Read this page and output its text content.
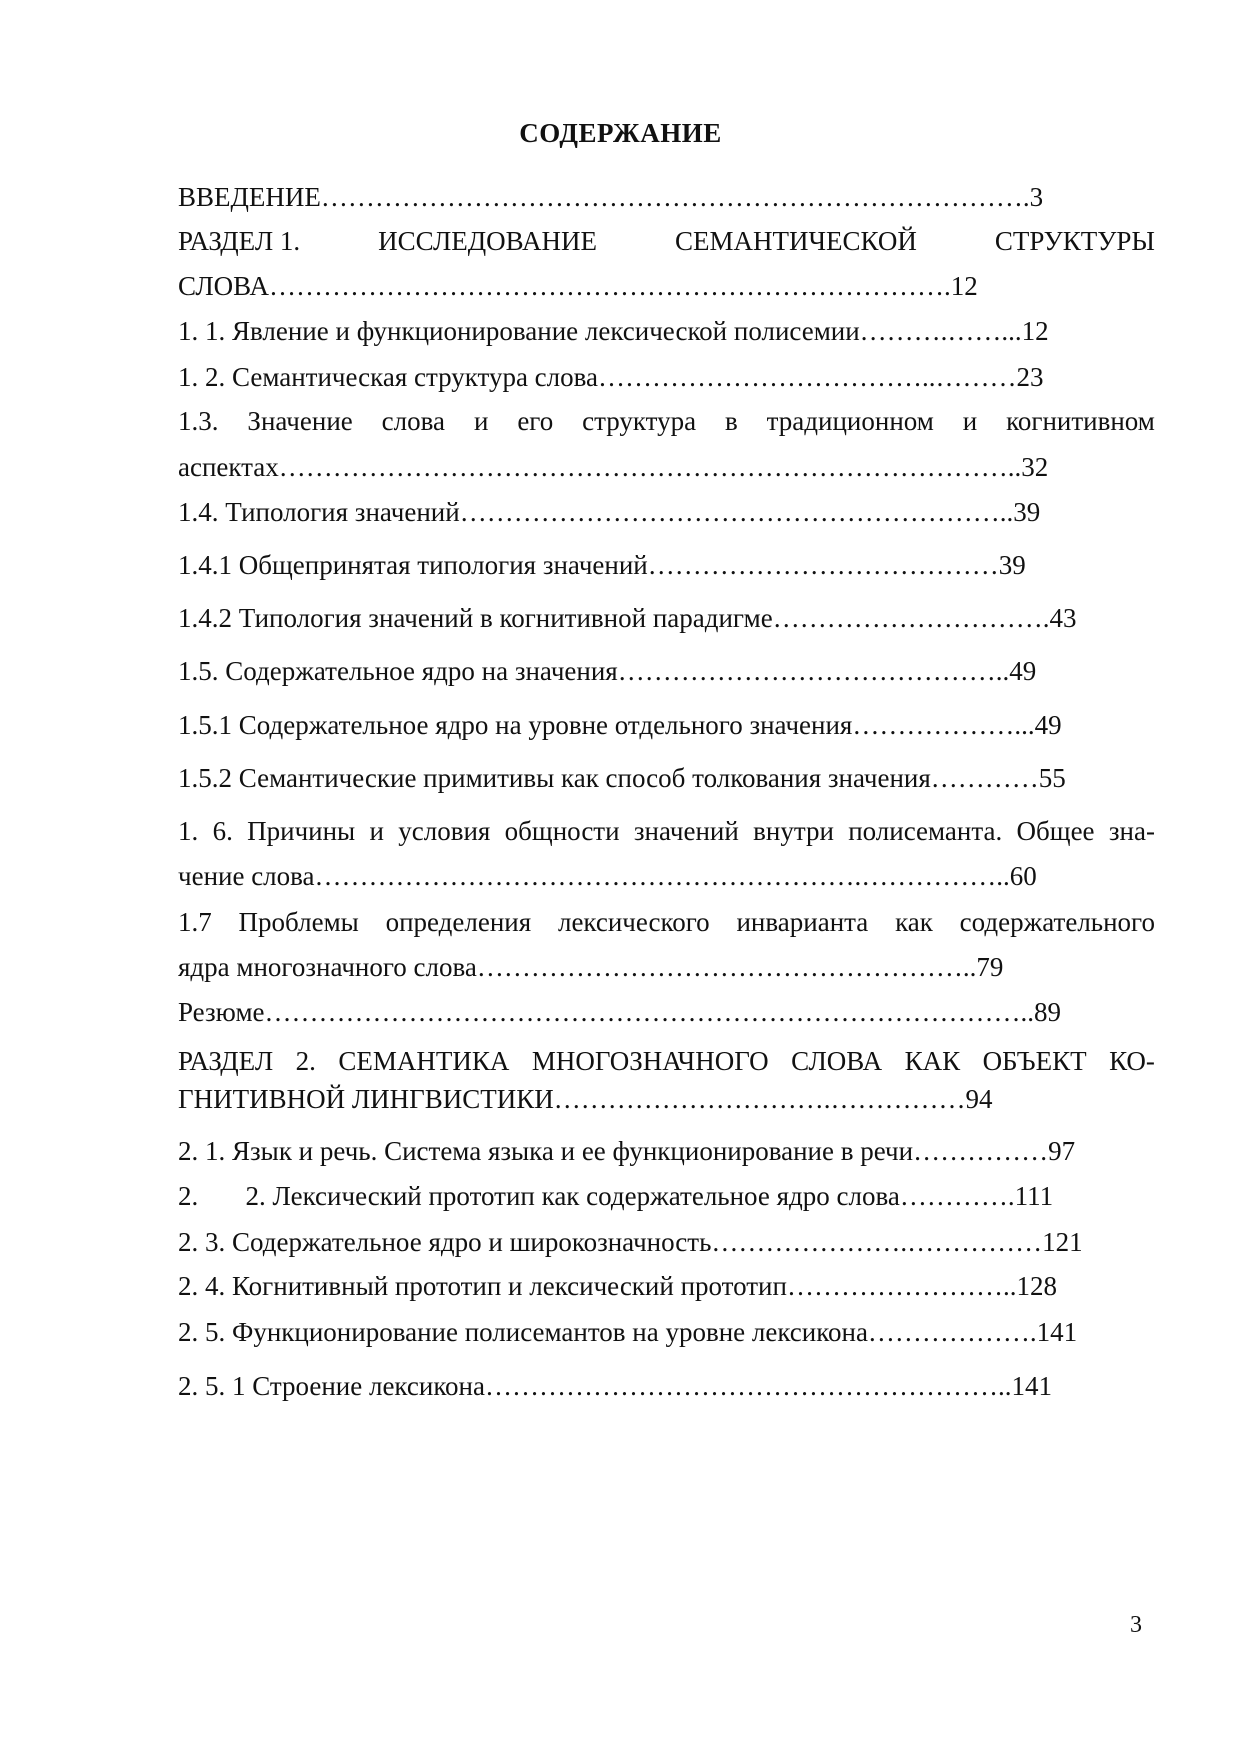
СОДЕРЖАНИЕ
ВВЕДЕНИЕ…………………………………………………………………….3
РАЗДЕЛ 1.	ИССЛЕДОВАНИЕ	СЕМАНТИЧЕСКОЙ	СТРУКТУРЫ
СЛОВА………………………………………………………………….12
1. 1. Явление и функционирование лексической полисемии……….……...12
1. 2. Семантическая структура слова………………………………..………23
1.3. Значение слова и его структура в традиционном и когнитивном
аспектах………………………………………………………………………..32
1.4. Типология значений……………………………………………………..39
1.4.1 Общепринятая типология значений…………………………………39
1.4.2 Типология значений в когнитивной парадигме………………………….43
1.5. Содержательное ядро на значения……………………………………..49
1.5.1 Содержательное ядро на уровне отдельного значения………………...49
1.5.2 Семантические примитивы как способ толкования значения…………55
1. 6. Причины и условия общности значений внутри полисеманта. Общее зна-
чение слова…………………………………………………….……………..60
1.7 Проблемы определения лексического инварианта как содержательного
ядра многозначного слова………………………………………………..79
Резюме…………………………………………………………………………..89
РАЗДЕЛ 2. СЕМАНТИКА МНОГОЗНАЧНОГО СЛОВА КАК ОБЪЕКТ КО-
ГНИТИВНОЙ ЛИНГВИСТИКИ………………………….……………94
2. 1. Язык и речь. Система языка и ее функционирование в речи……………97
2.       2. Лексический прототип как содержательное ядро слова………….111
2. 3. Содержательное ядро и широкозначность………………….……………121
2. 4. Когнитивный прототип и лексический прототип……………………..128
2. 5. Функционирование полисемантов на уровне лексикона……………….141
2. 5. 1 Строение лексикона…………………………………………………..141
3
